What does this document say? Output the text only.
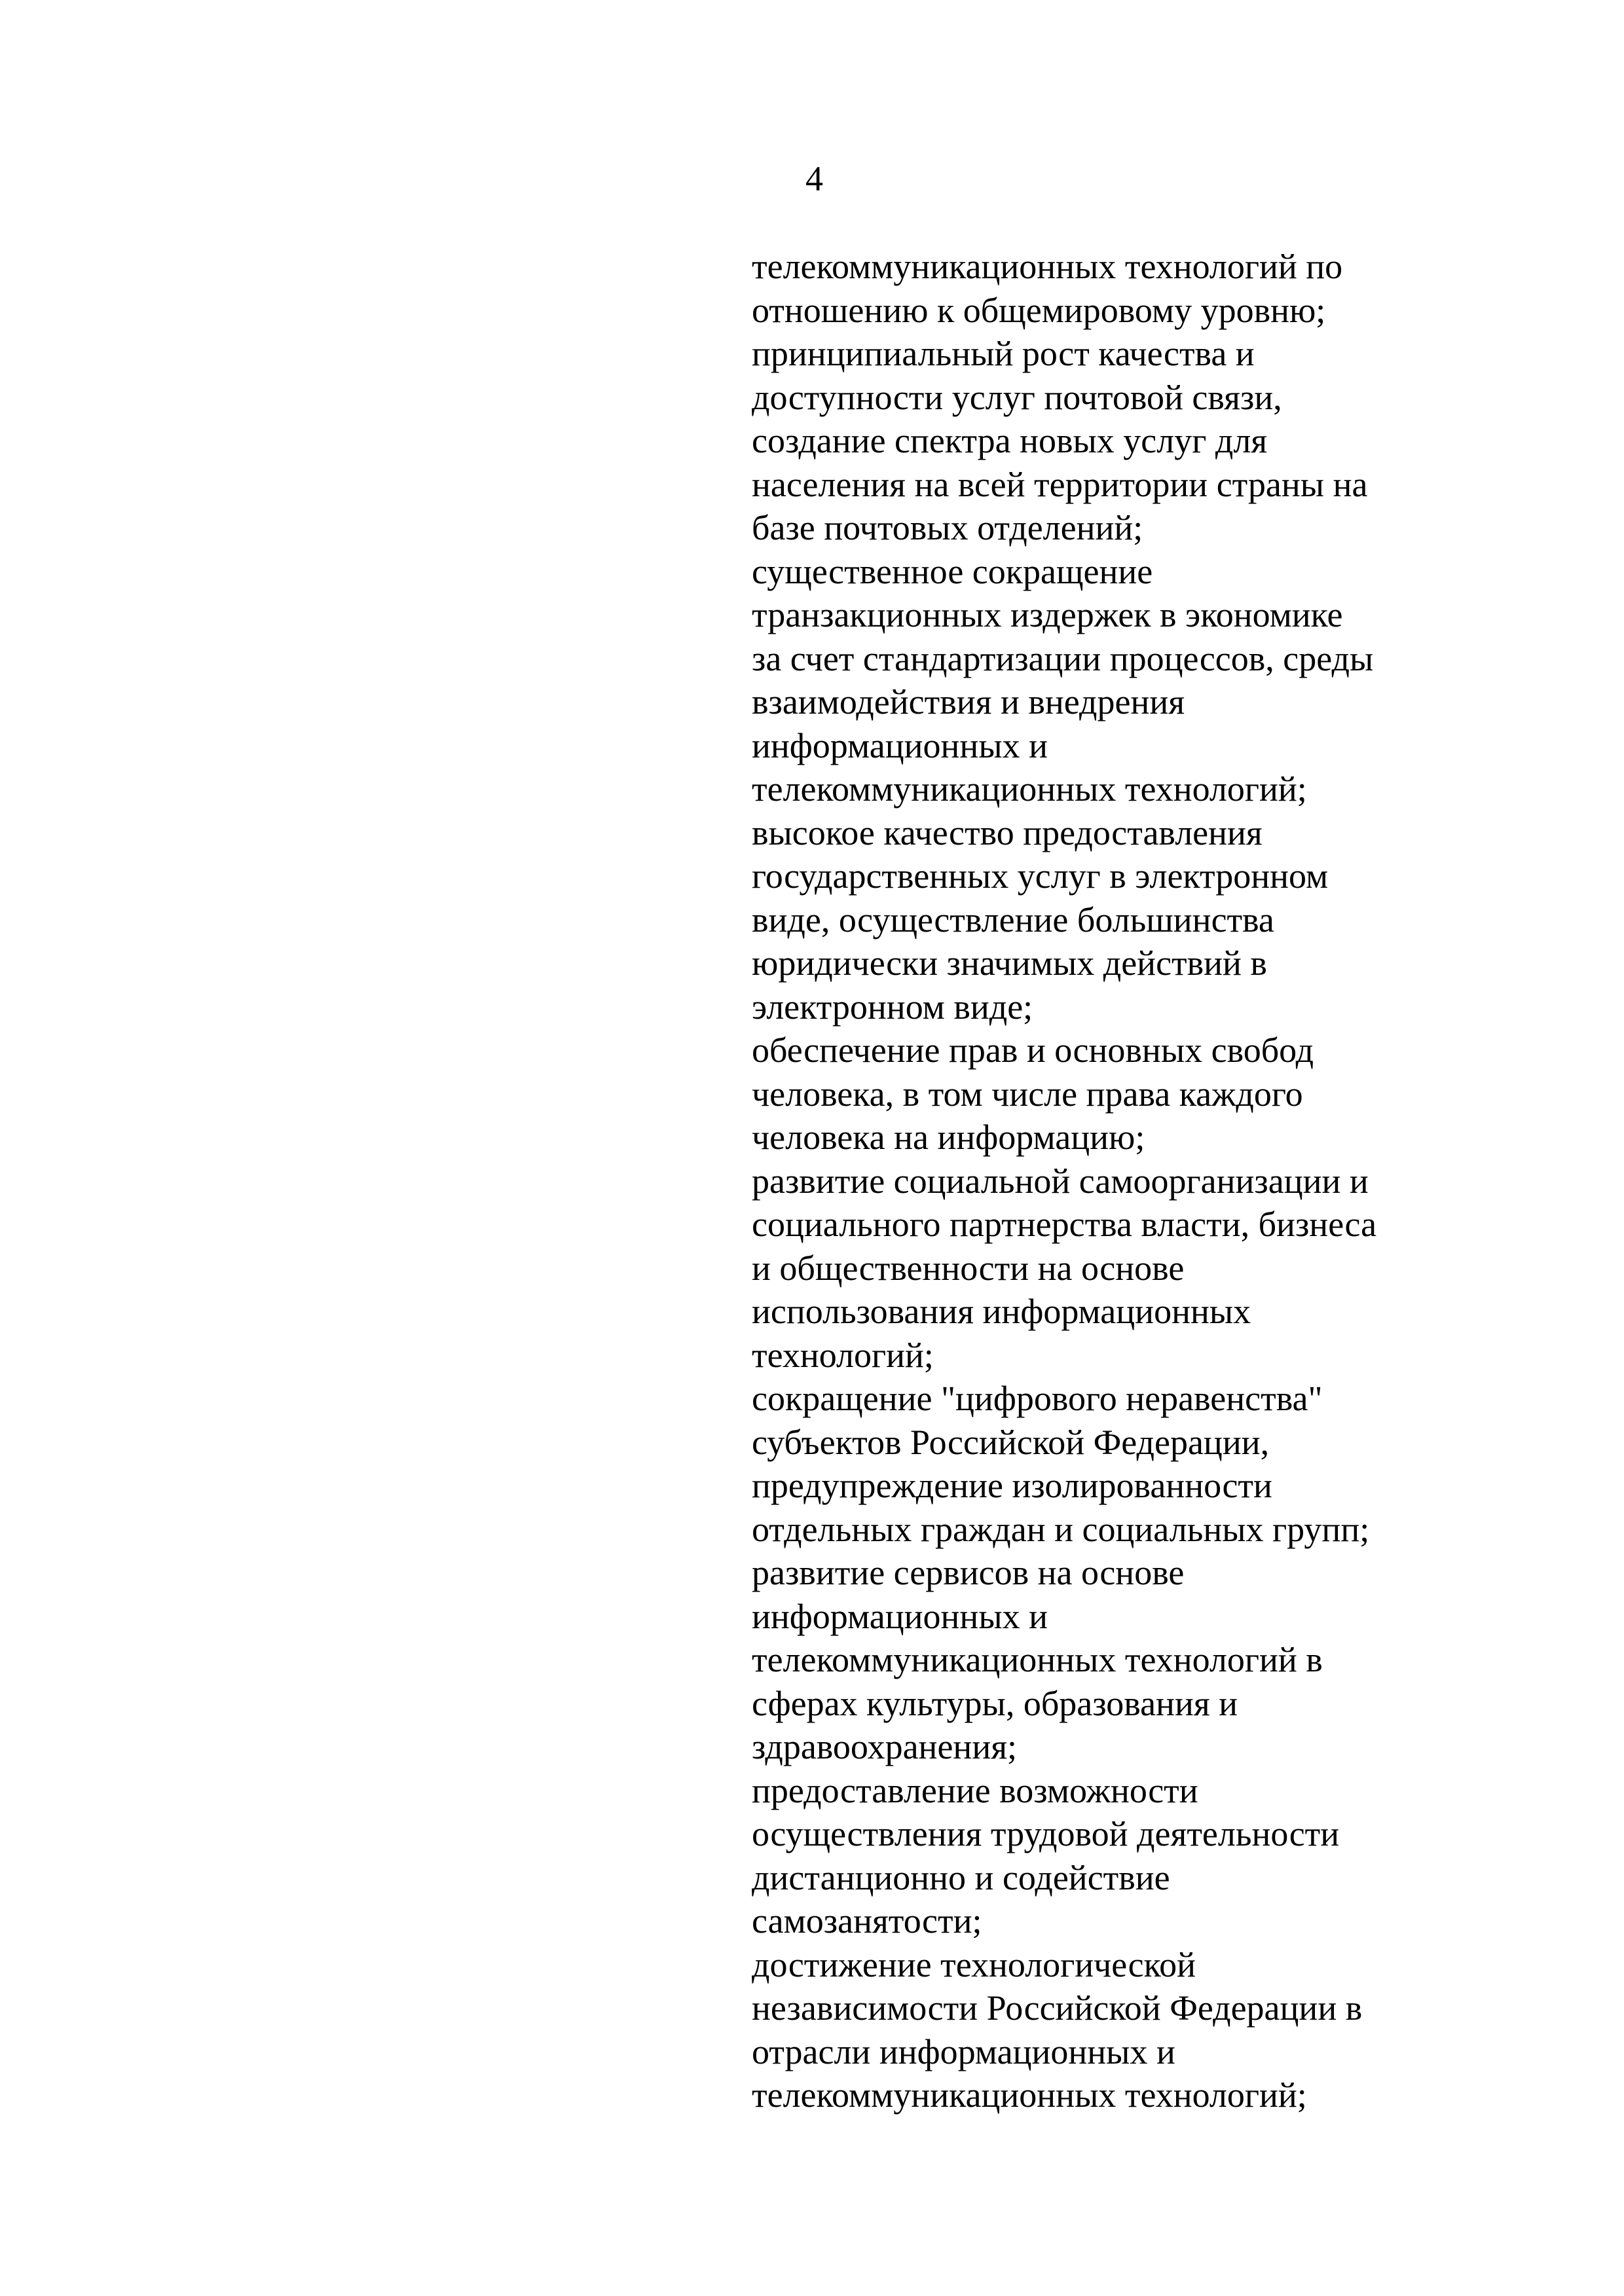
4
телекоммуникационных технологий по
отношению к общемировому уровню;
принципиальный рост качества и
доступности услуг почтовой связи,
создание спектра новых услуг для
населения на всей территории страны на
базе почтовых отделений;
существенное сокращение
транзакционных издержек в экономике
за счет стандартизации процессов, среды
взаимодействия и внедрения
информационных и
телекоммуникационных технологий;
высокое качество предоставления
государственных услуг в электронном
виде, осуществление большинства
юридически значимых действий в
электронном виде;
обеспечение прав и основных свобод
человека, в том числе права каждого
человека на информацию;
развитие социальной самоорганизации и
социального партнерства власти, бизнеса
и общественности на основе
использования информационных
технологий;
сокращение "цифрового неравенства"
субъектов Российской Федерации,
предупреждение изолированности
отдельных граждан и социальных групп;
развитие сервисов на основе
информационных и
телекоммуникационных технологий в
сферах культуры, образования и
здравоохранения;
предоставление возможности
осуществления трудовой деятельности
дистанционно и содействие
самозанятости;
достижение технологической
независимости Российской Федерации в
отрасли информационных и
телекоммуникационных технологий;
